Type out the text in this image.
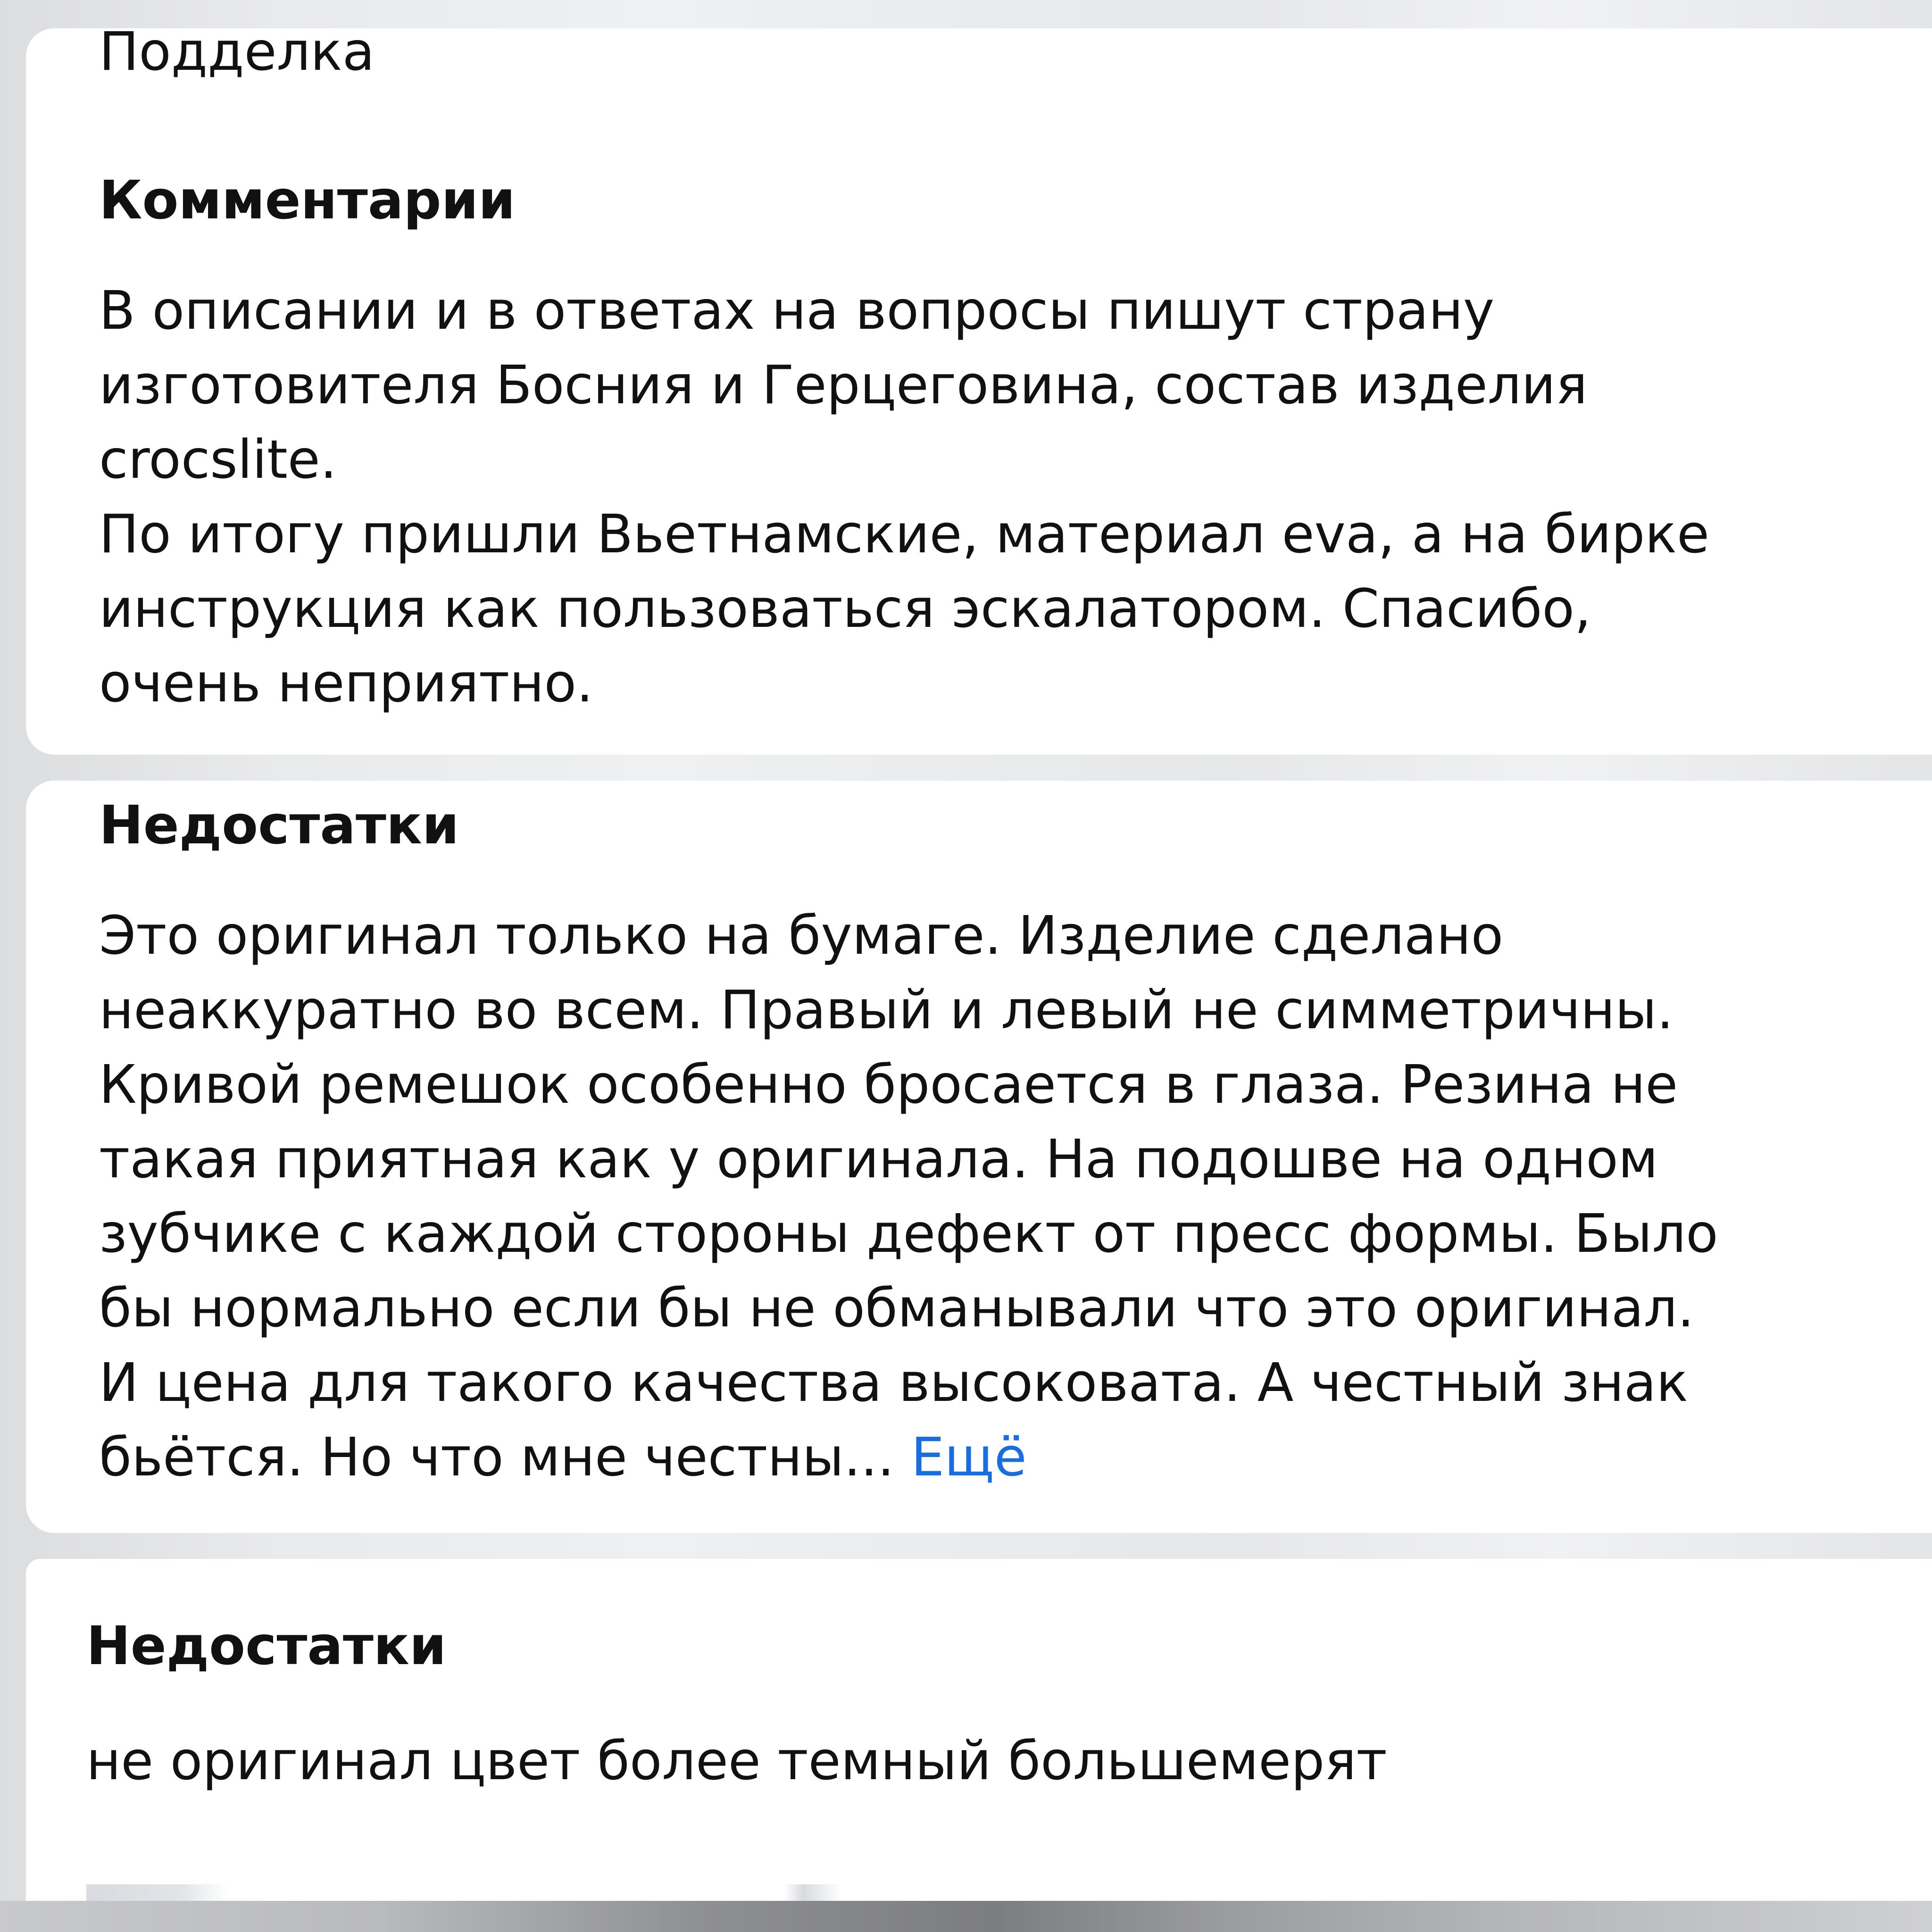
Подделка

Комментарии

В описании и в ответах на вопросы пишут страну
изготовителя Босния и Герцеговина, состав изделия
crocslite.
По итогу пришли Вьетнамские, материал eva, а на бирке
инструкция как пользоваться эскалатором. Спасибо,
очень неприятно.

Недостатки

Это оригинал только на бумаге. Изделие сделано
неаккуратно во всем. Правый и левый не симметричны.
Кривой ремешок особенно бросается в глаза. Резина не
такая приятная как у оригинала. На подошве на одном
зубчике с каждой стороны дефект от пресс формы. Было
бы нормально если бы не обманывали что это оригинал.
И цена для такого качества высоковата. А честный знак
бьётся. Но что мне честны... Ещё

Недостатки

не оригинал цвет более темный большемерят
